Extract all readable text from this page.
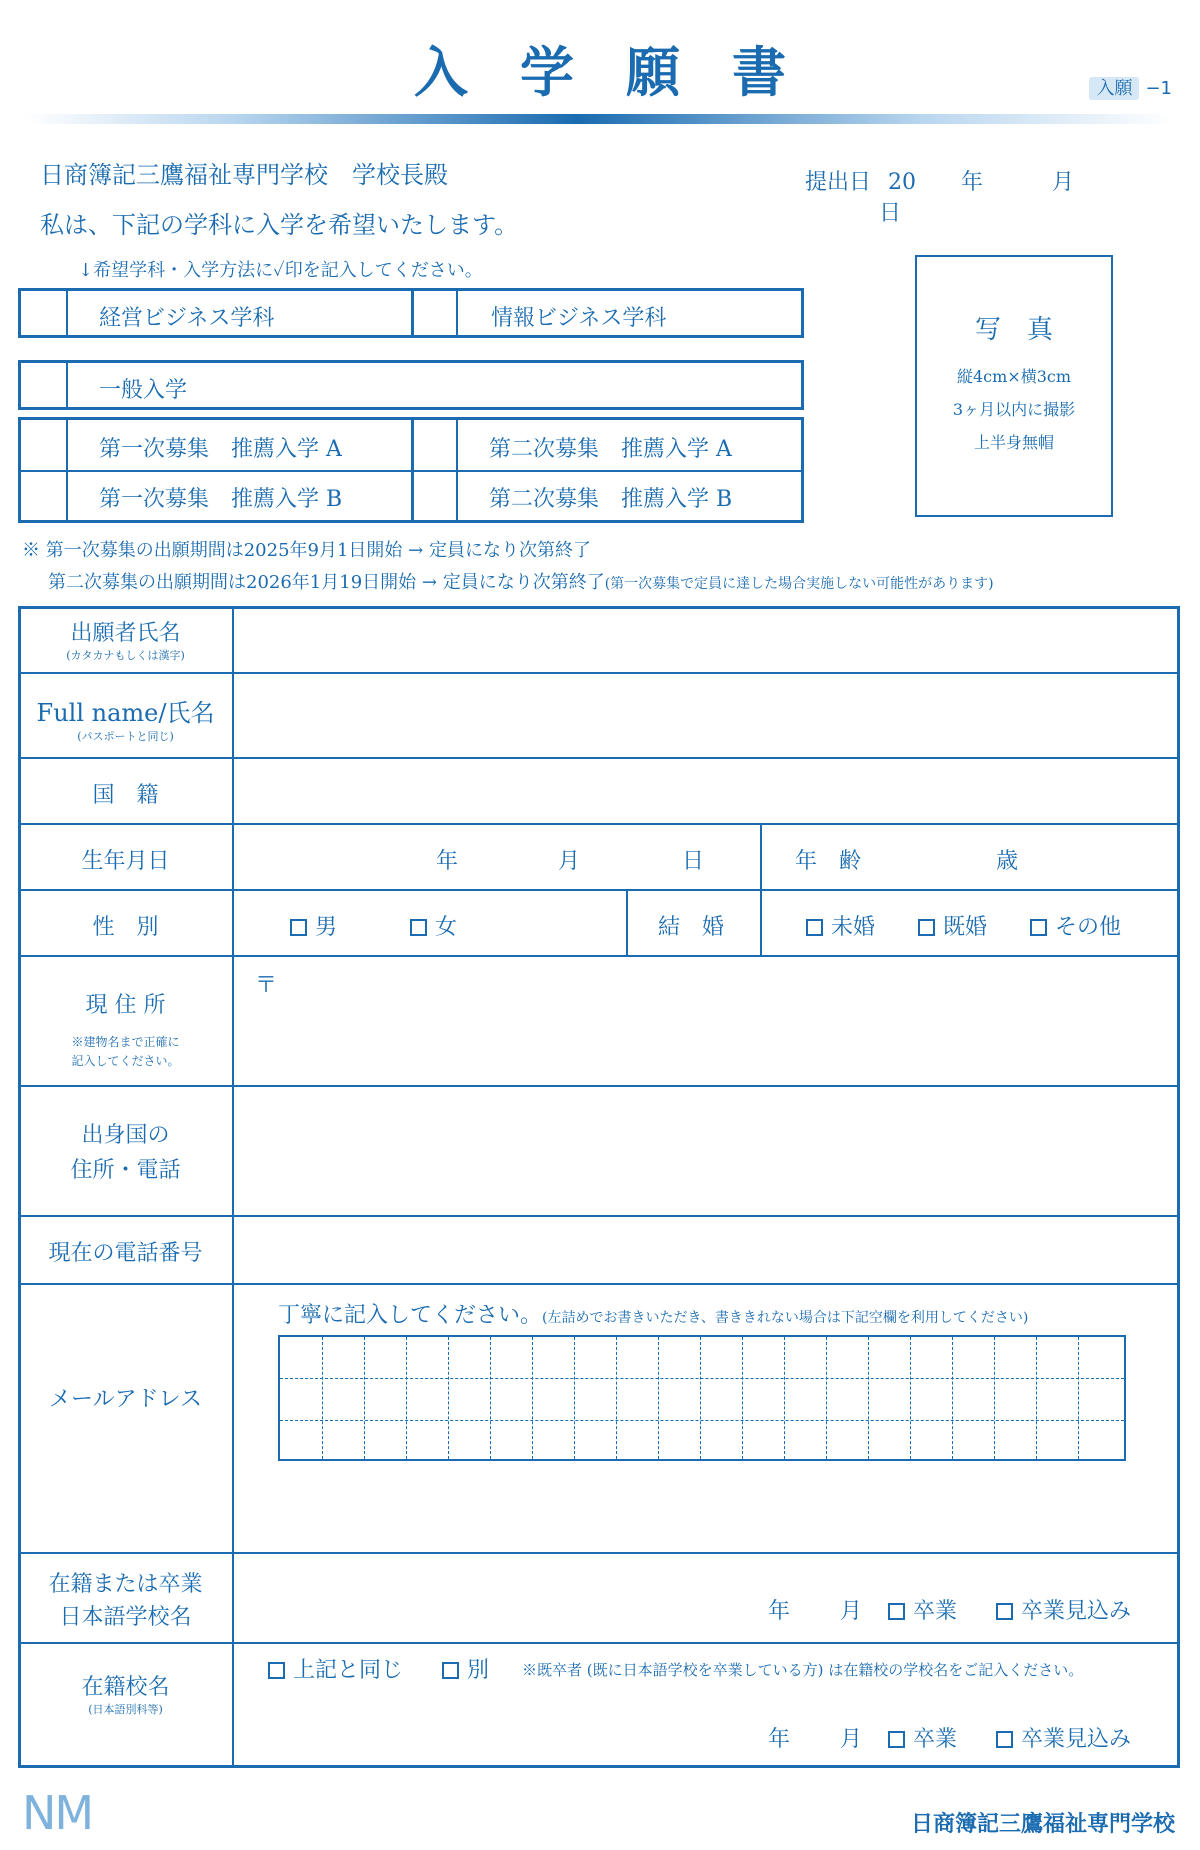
入学願書	入願 −1
日商簿記三鷹福祉専門学校　学校長殿	提出日 20 年	月 日
私は、下記の学科に入学を希望いたします。
↓希望学科・入学方法に✓印を記入してください。
経営ビジネス学科	情報ビジネス学科
一般入学
第一次募集　推薦入学 A	第二次募集　推薦入学 A
第一次募集　推薦入学 B	第二次募集　推薦入学 B
写　真
縦4cm×横3cm
3ヶ月以内に撮影
上半身無帽
※ 第一次募集の出願期間は2025年9月1日開始 → 定員になり次第終了
第二次募集の出願期間は2026年1月19日開始 → 定員になり次第終了(第一次募集で定員に達した場合実施しない可能性があります)
出願者氏名
(カタカナもしくは漢字)
Full name/氏名
(パスポートと同じ)
国　籍
生年月日	年	月	日	年　齢	歳
性　別	男	女	結　婚	未婚	既婚	その他
現 住 所
※建物名まで正確に
記入してください。
〒
出身国の
住所・電話
現在の電話番号
メールアドレス
丁寧に記入してください。(左詰めでお書きいただき、書ききれない場合は下記空欄を利用してください)
在籍または卒業
日本語学校名	年 月	卒業	卒業見込み
在籍校名
(日本語別科等)
上記と同じ	別 ※既卒者 (既に日本語学校を卒業している方) は在籍校の学校名をご記入ください。
年 月	卒業	卒業見込み
NM	日商簿記三鷹福祉専門学校
